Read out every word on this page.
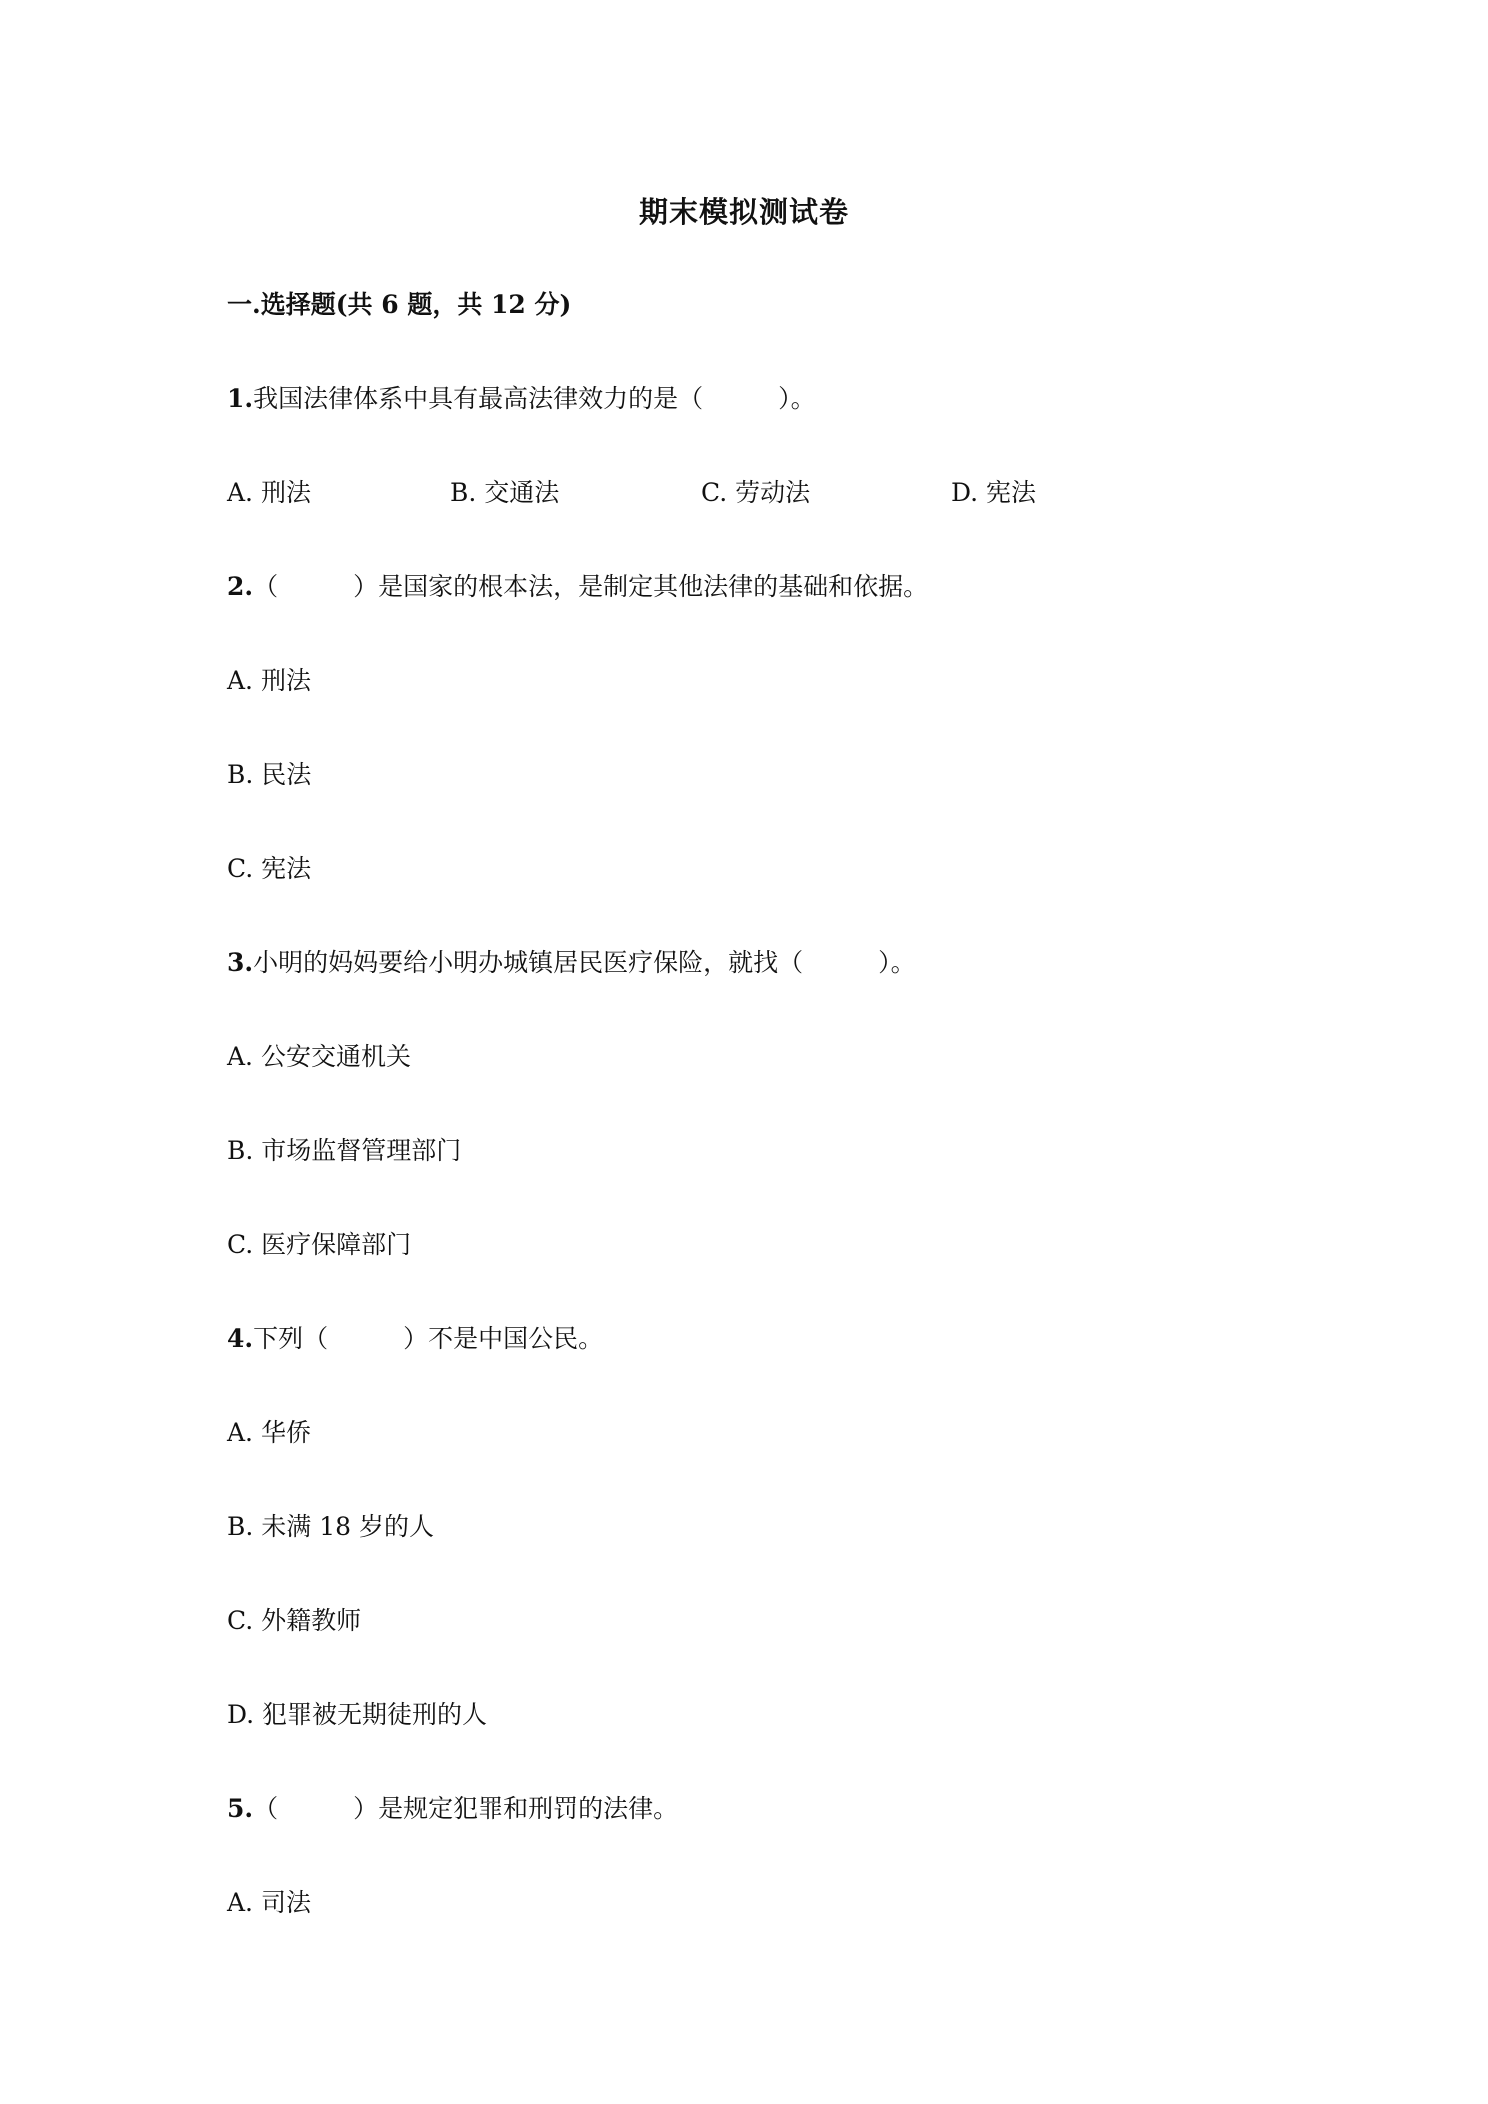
期末模拟测试卷
一.选择题(共 6 题，共 12 分)
1.我国法律体系中具有最高法律效力的是（　　　）。

A. 刑法

	B. 交通法

	C. 劳动法

	D. 宪法

2.（　　　）是国家的根本法，是制定其他法律的基础和依据。
A. 刑法
B. 民法
C. 宪法
3.小明的妈妈要给小明办城镇居民医疗保险，就找（　　　）。
A. 公安交通机关
B. 市场监督管理部门
C. 医疗保障部门
4.下列（　　　）不是中国公民。
A. 华侨
B. 未满 18 岁的人
C. 外籍教师
D. 犯罪被无期徒刑的人
5.（　　　）是规定犯罪和刑罚的法律。
A. 司法
